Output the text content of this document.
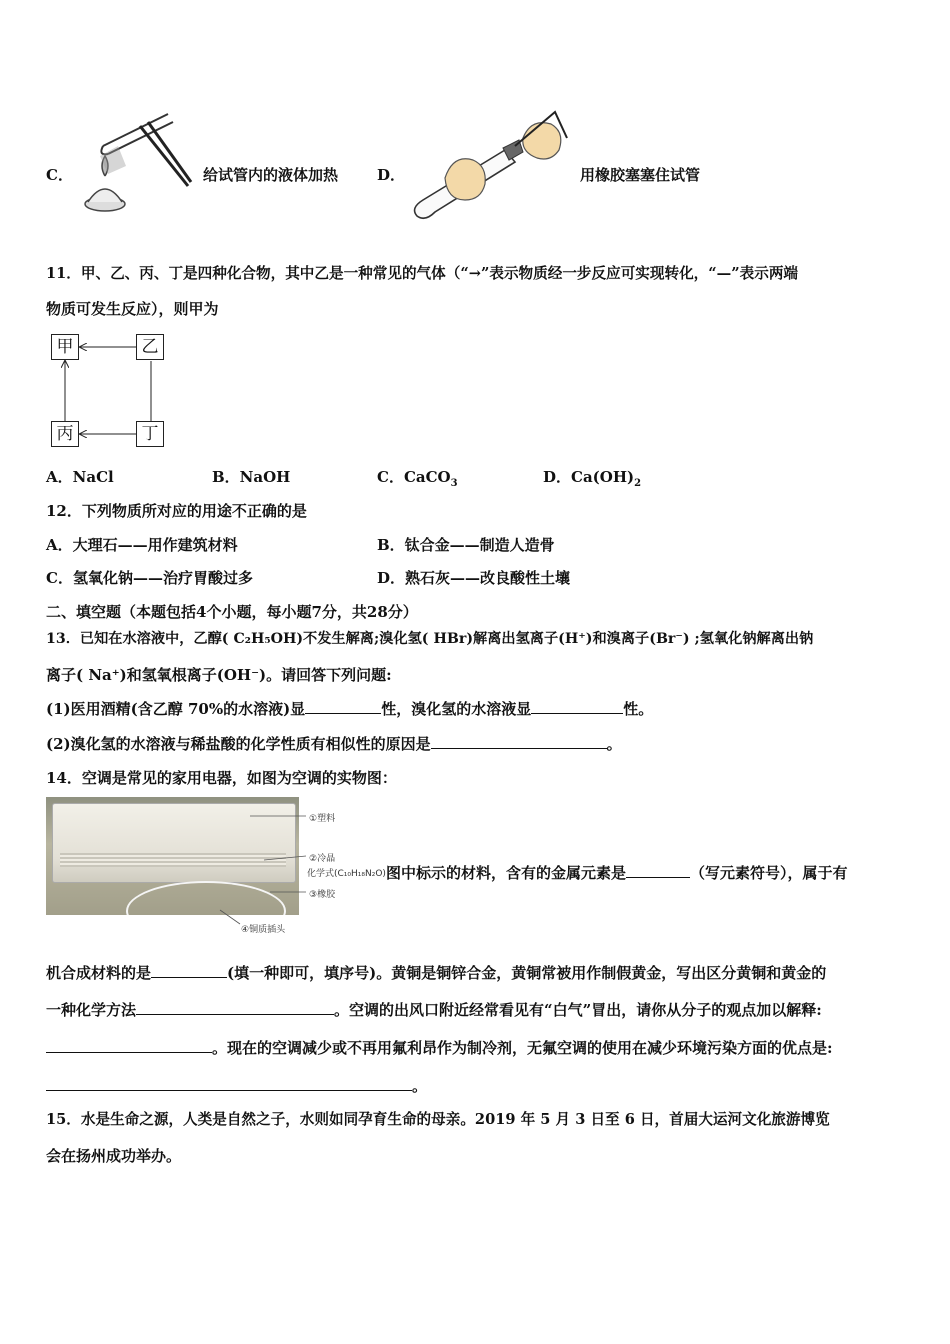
C．	给试管内的液体加热	D．	用橡胶塞塞住试管
11．甲、乙、丙、丁是四种化合物，其中乙是一种常见的气体（“→”表示物质经一步反应可实现转化，“—”表示两端
物质可发生反应），则甲为
甲	乙
丙	丁
A．NaCl	B．NaOH	C．CaCO$_3$	D．$Ca(OH)_2$
12．下列物质所对应的用途不正确的是
A．大理石——用作建筑材料	B．钛合金——制造人造骨
C．氢氧化钠——治疗胃酸过多	D．熟石灰——改良酸性土壤
二、填空题（本题包括4个小题，每小题7分，共28分）
13．已知在水溶液中，乙醇( C₂H₅OH)不发生解离;溴化氢( HBr)解离出氢离子(H⁺)和溴离子(Br⁻) ;氢氧化钠解离出钠
离子( Na⁺)和氢氧根离子(OH⁻)。请回答下列问题:
(1)医用酒精(含乙醇 70%的水溶液)显	性，溴化氢的水溶液显	性。
(2)溴化氢的水溶液与稀盐酸的化学性质有相似性的原因是	。
14．空调是常见的家用电器，如图为空调的实物图：
①塑料
②冷晶
化学式(C₁₀H₁₈N₂O)
③橡胶
④铜质插头
图中标示的材料，含有的金属元素是	（写元素符号），属于有
机合成材料的是	(填一种即可，填序号)。黄铜是铜锌合金，黄铜常被用作制假黄金，写出区分黄铜和黄金的
一种化学方法	。空调的出风口附近经常看见有“白气”冒出，请你从分子的观点加以解释:
。现在的空调减少或不再用氟利昂作为制冷剂，无氟空调的使用在减少环境污染方面的优点是:
。
15．水是生命之源，人类是自然之子，水则如同孕育生命的母亲。2019 年 5 月 3 日至 6 日，首届大运河文化旅游博览
会在扬州成功举办。
